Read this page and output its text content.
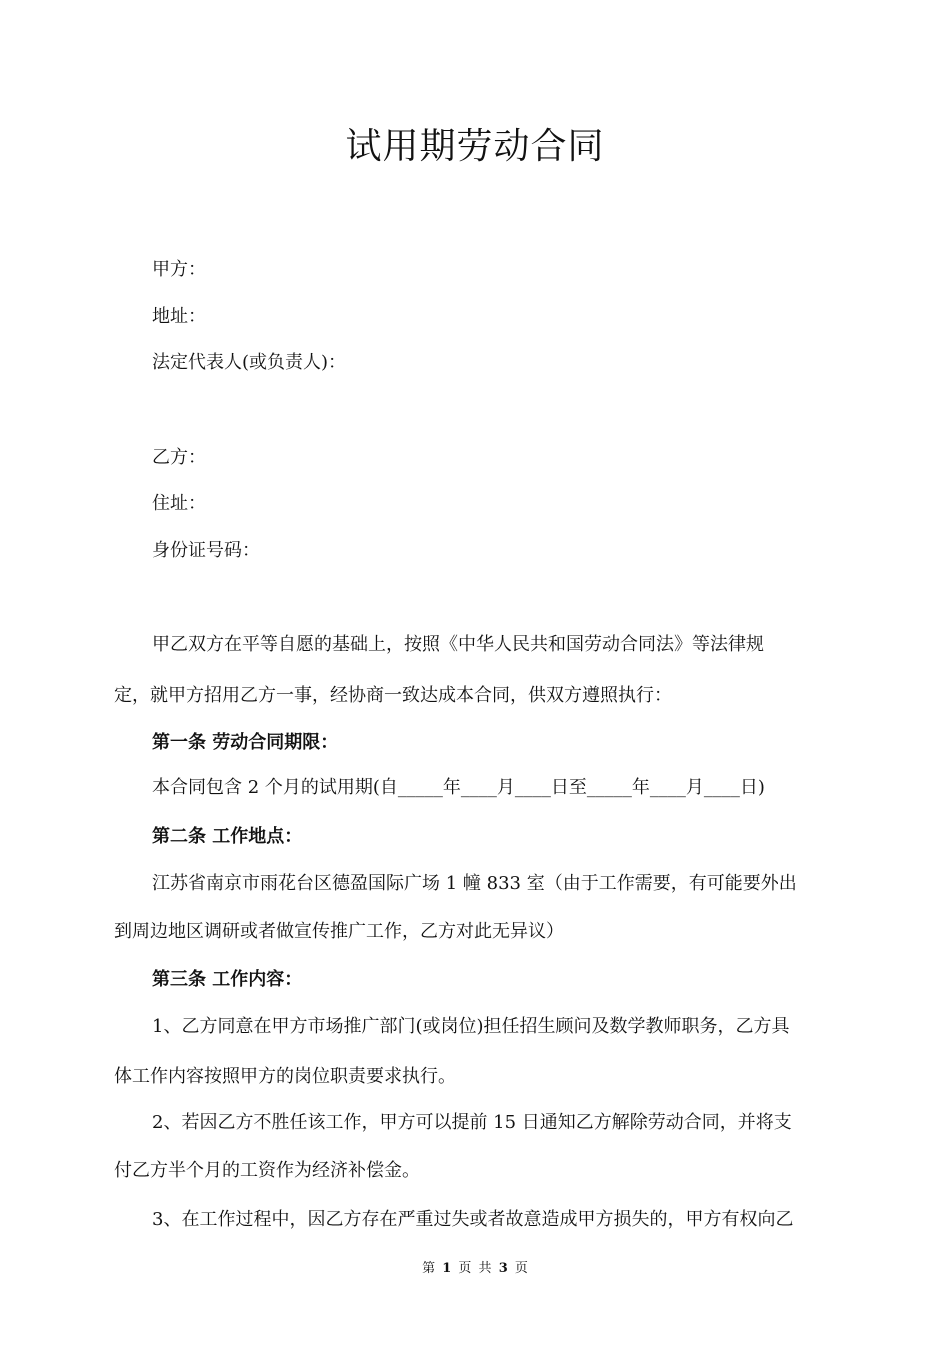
试用期劳动合同
甲方：
地址：
法定代表人(或负责人)：
乙方：
住址：
身份证号码：
甲乙双方在平等自愿的基础上，按照《中华人民共和国劳动合同法》等法律规
定，就甲方招用乙方一事，经协商一致达成本合同，供双方遵照执行：
第一条 劳动合同期限：
本合同包含 2 个月的试用期(自_____年____月____日至_____年____月____日)
第二条 工作地点：
江苏省南京市雨花台区德盈国际广场 1 幢 833 室（由于工作需要，有可能要外出
到周边地区调研或者做宣传推广工作，乙方对此无异议）
第三条 工作内容：
1、乙方同意在甲方市场推广部门(或岗位)担任招生顾问及数学教师职务，乙方具
体工作内容按照甲方的岗位职责要求执行。
2、若因乙方不胜任该工作，甲方可以提前 15 日通知乙方解除劳动合同，并将支
付乙方半个月的工资作为经济补偿金。
3、在工作过程中，因乙方存在严重过失或者故意造成甲方损失的，甲方有权向乙
第 1 页 共 3 页
